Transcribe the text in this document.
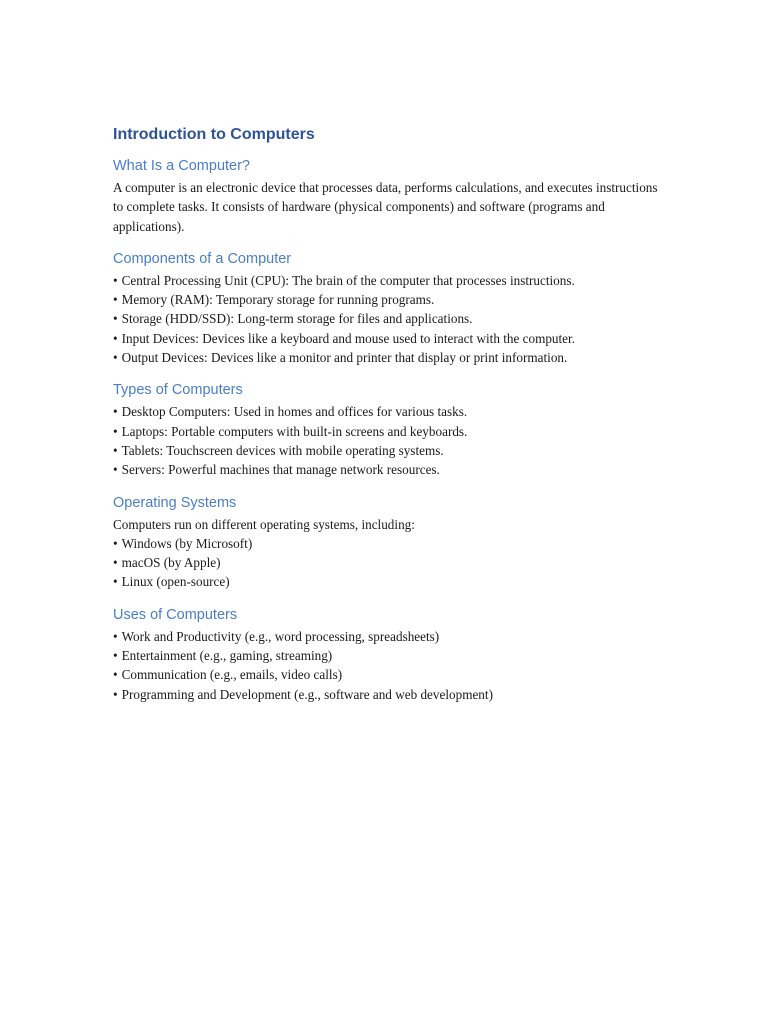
Introduction to Computers
What Is a Computer?

A computer is an electronic device that processes data, performs calculations, and executes instructions to complete tasks. It consists of hardware (physical components) and software (programs and applications).

Components of a Computer
• Central Processing Unit (CPU): The brain of the computer that processes instructions.
• Memory (RAM): Temporary storage for running programs.
• Storage (HDD/SSD): Long-term storage for files and applications.
• Input Devices: Devices like a keyboard and mouse used to interact with the computer.
• Output Devices: Devices like a monitor and printer that display or print information.
Types of Computers
• Desktop Computers: Used in homes and offices for various tasks.
• Laptops: Portable computers with built-in screens and keyboards.
• Tablets: Touchscreen devices with mobile operating systems.
• Servers: Powerful machines that manage network resources.
Operating Systems

Computers run on different operating systems, including:

• Windows (by Microsoft)
• macOS (by Apple)
• Linux (open-source)
Uses of Computers
• Work and Productivity (e.g., word processing, spreadsheets)
• Entertainment (e.g., gaming, streaming)
• Communication (e.g., emails, video calls)
• Programming and Development (e.g., software and web development)
